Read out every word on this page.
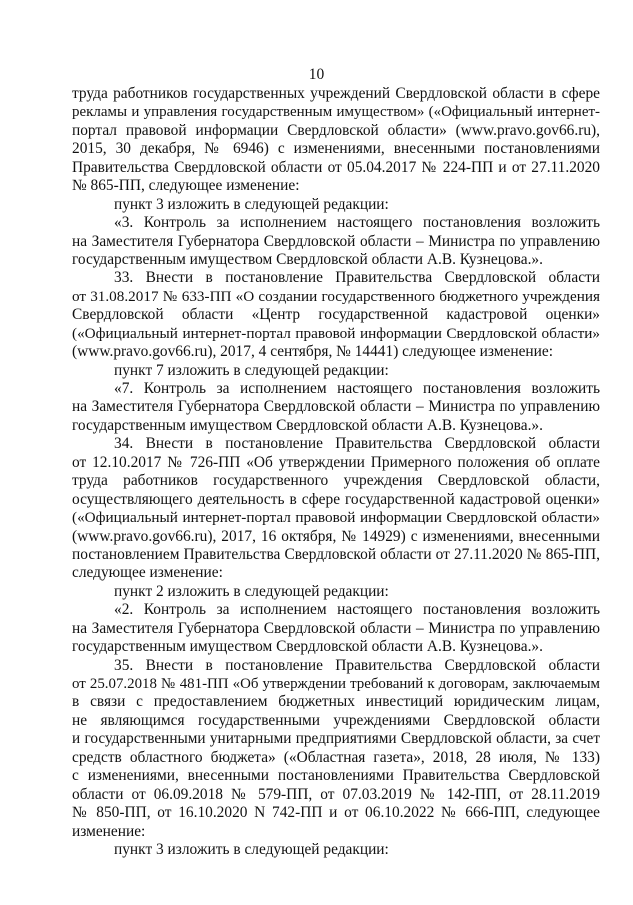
10
труда работников государственных учреждений Свердловской области в сфере
рекламы и управления государственным имуществом» («Официальный интернет-
портал правовой информации Свердловской области» (www.pravo.gov66.ru),
2015, 30 декабря, № 6946) с изменениями, внесенными постановлениями
Правительства Свердловской области от 05.04.2017 № 224-ПП и от 27.11.2020
№ 865-ПП, следующее изменение:
пункт 3 изложить в следующей редакции:
«3. Контроль за исполнением настоящего постановления возложить
на Заместителя Губернатора Свердловской области – Министра по управлению
государственным имуществом Свердловской области А.В. Кузнецова.».
33. Внести в постановление Правительства Свердловской области
от 31.08.2017 № 633-ПП «О создании государственного бюджетного учреждения
Свердловской области «Центр государственной кадастровой оценки»
(«Официальный интернет-портал правовой информации Свердловской области»
(www.pravo.gov66.ru), 2017, 4 сентября, № 14441) следующее изменение:
пункт 7 изложить в следующей редакции:
«7. Контроль за исполнением настоящего постановления возложить
на Заместителя Губернатора Свердловской области – Министра по управлению
государственным имуществом Свердловской области А.В. Кузнецова.».
34. Внести в постановление Правительства Свердловской области
от 12.10.2017 № 726-ПП «Об утверждении Примерного положения об оплате
труда работников государственного учреждения Свердловской области,
осуществляющего деятельность в сфере государственной кадастровой оценки»
(«Официальный интернет-портал правовой информации Свердловской области»
(www.pravo.gov66.ru), 2017, 16 октября, № 14929) с изменениями, внесенными
постановлением Правительства Свердловской области от 27.11.2020 № 865-ПП,
следующее изменение:
пункт 2 изложить в следующей редакции:
«2. Контроль за исполнением настоящего постановления возложить
на Заместителя Губернатора Свердловской области – Министра по управлению
государственным имуществом Свердловской области А.В. Кузнецова.».
35. Внести в постановление Правительства Свердловской области
от 25.07.2018 № 481-ПП «Об утверждении требований к договорам, заключаемым
в связи с предоставлением бюджетных инвестиций юридическим лицам,
не являющимся государственными учреждениями Свердловской области
и государственными унитарными предприятиями Свердловской области, за счет
средств областного бюджета» («Областная газета», 2018, 28 июля, № 133)
с изменениями, внесенными постановлениями Правительства Свердловской
области от 06.09.2018 № 579-ПП, от 07.03.2019 № 142-ПП, от 28.11.2019
№ 850-ПП, от 16.10.2020 N 742-ПП и от 06.10.2022 № 666-ПП, следующее
изменение:
пункт 3 изложить в следующей редакции:
